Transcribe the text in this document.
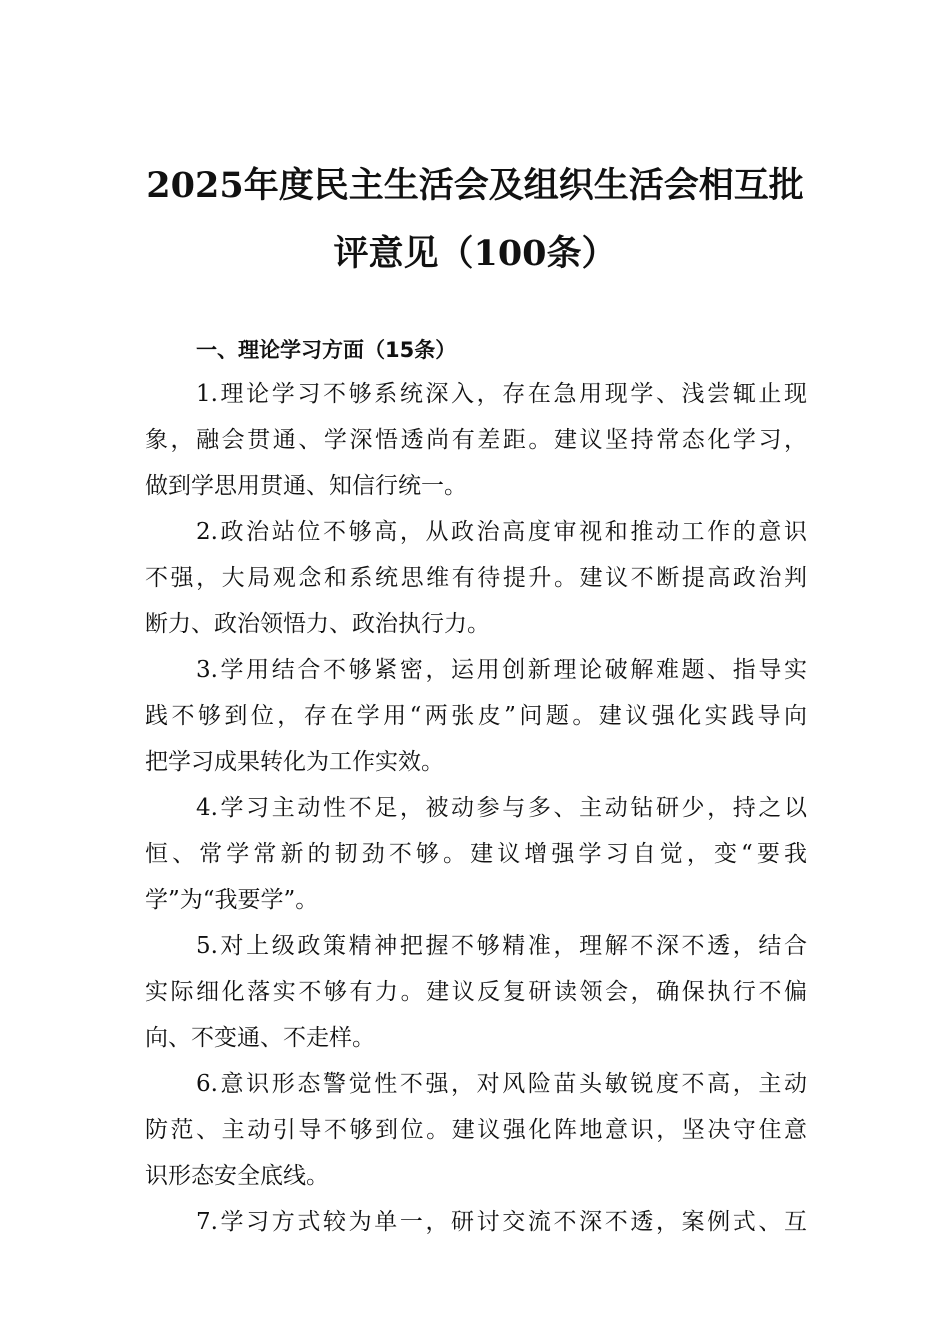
2025年度民主生活会及组织生活会相互批
评意见（100条）
一、理论学习方面（15条）
1.理论学习不够系统深入，存在急用现学、浅尝辄止现
象，融会贯通、学深悟透尚有差距。建议坚持常态化学习，
做到学思用贯通、知信行统一。
2.政治站位不够高，从政治高度审视和推动工作的意识
不强，大局观念和系统思维有待提升。建议不断提高政治判
断力、政治领悟力、政治执行力。
3.学用结合不够紧密，运用创新理论破解难题、指导实
践不够到位，存在学用“两张皮”问题。建议强化实践导向
把学习成果转化为工作实效。
4.学习主动性不足，被动参与多、主动钻研少，持之以
恒、常学常新的韧劲不够。建议增强学习自觉，变“要我
学”为“我要学”。
5.对上级政策精神把握不够精准，理解不深不透，结合
实际细化落实不够有力。建议反复研读领会，确保执行不偏
向、不变通、不走样。
6.意识形态警觉性不强，对风险苗头敏锐度不高，主动
防范、主动引导不够到位。建议强化阵地意识，坚决守住意
识形态安全底线。
7.学习方式较为单一，研讨交流不深不透，案例式、互
